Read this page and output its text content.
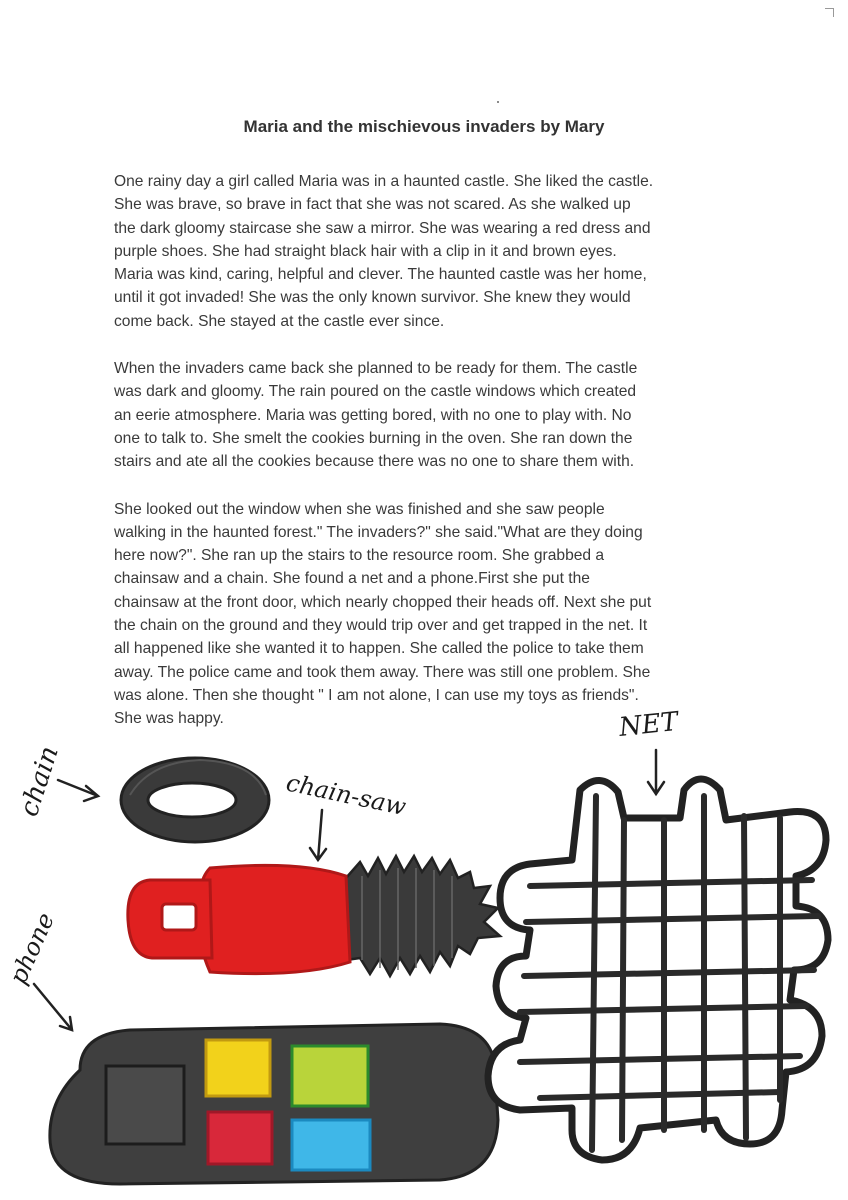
Maria and the mischievous invaders by Mary

One rainy day a girl called Maria was in a haunted castle. She liked the castle.
She was brave, so brave in fact that she was not scared. As she walked up
the dark gloomy staircase she saw a mirror. She was wearing a red dress and
purple shoes. She had straight black hair with a clip in it and brown eyes.
Maria was kind, caring, helpful and clever. The haunted castle was her home,
until it got invaded! She was the only known survivor. She knew they would
come back. She stayed at the castle ever since.

When the invaders came back she planned to be ready for them. The castle
was dark and gloomy. The rain poured on the castle windows which created
an eerie atmosphere. Maria was getting bored, with no one to play with. No
one to talk to. She smelt the cookies burning in the oven. She ran down the
stairs and ate all the cookies because there was no one to share them with.

She looked out the window when she was finished and she saw people
walking in the haunted forest." The invaders?" she said."What are they doing
here now?". She ran up the stairs to the resource room. She grabbed a
chainsaw and a chain. She found a net and a phone.First she put the
chainsaw at the front door, which nearly chopped their heads off. Next she put
the chain on the ground and they would trip over and get trapped in the net. It
all happened like she wanted it to happen. She called the police to take them
away. The police came and took them away. There was still one problem. She
was alone. Then she thought " I am not alone, I can use my toys as friends".
She was happy.

chain	chain-saw
phone
NET
